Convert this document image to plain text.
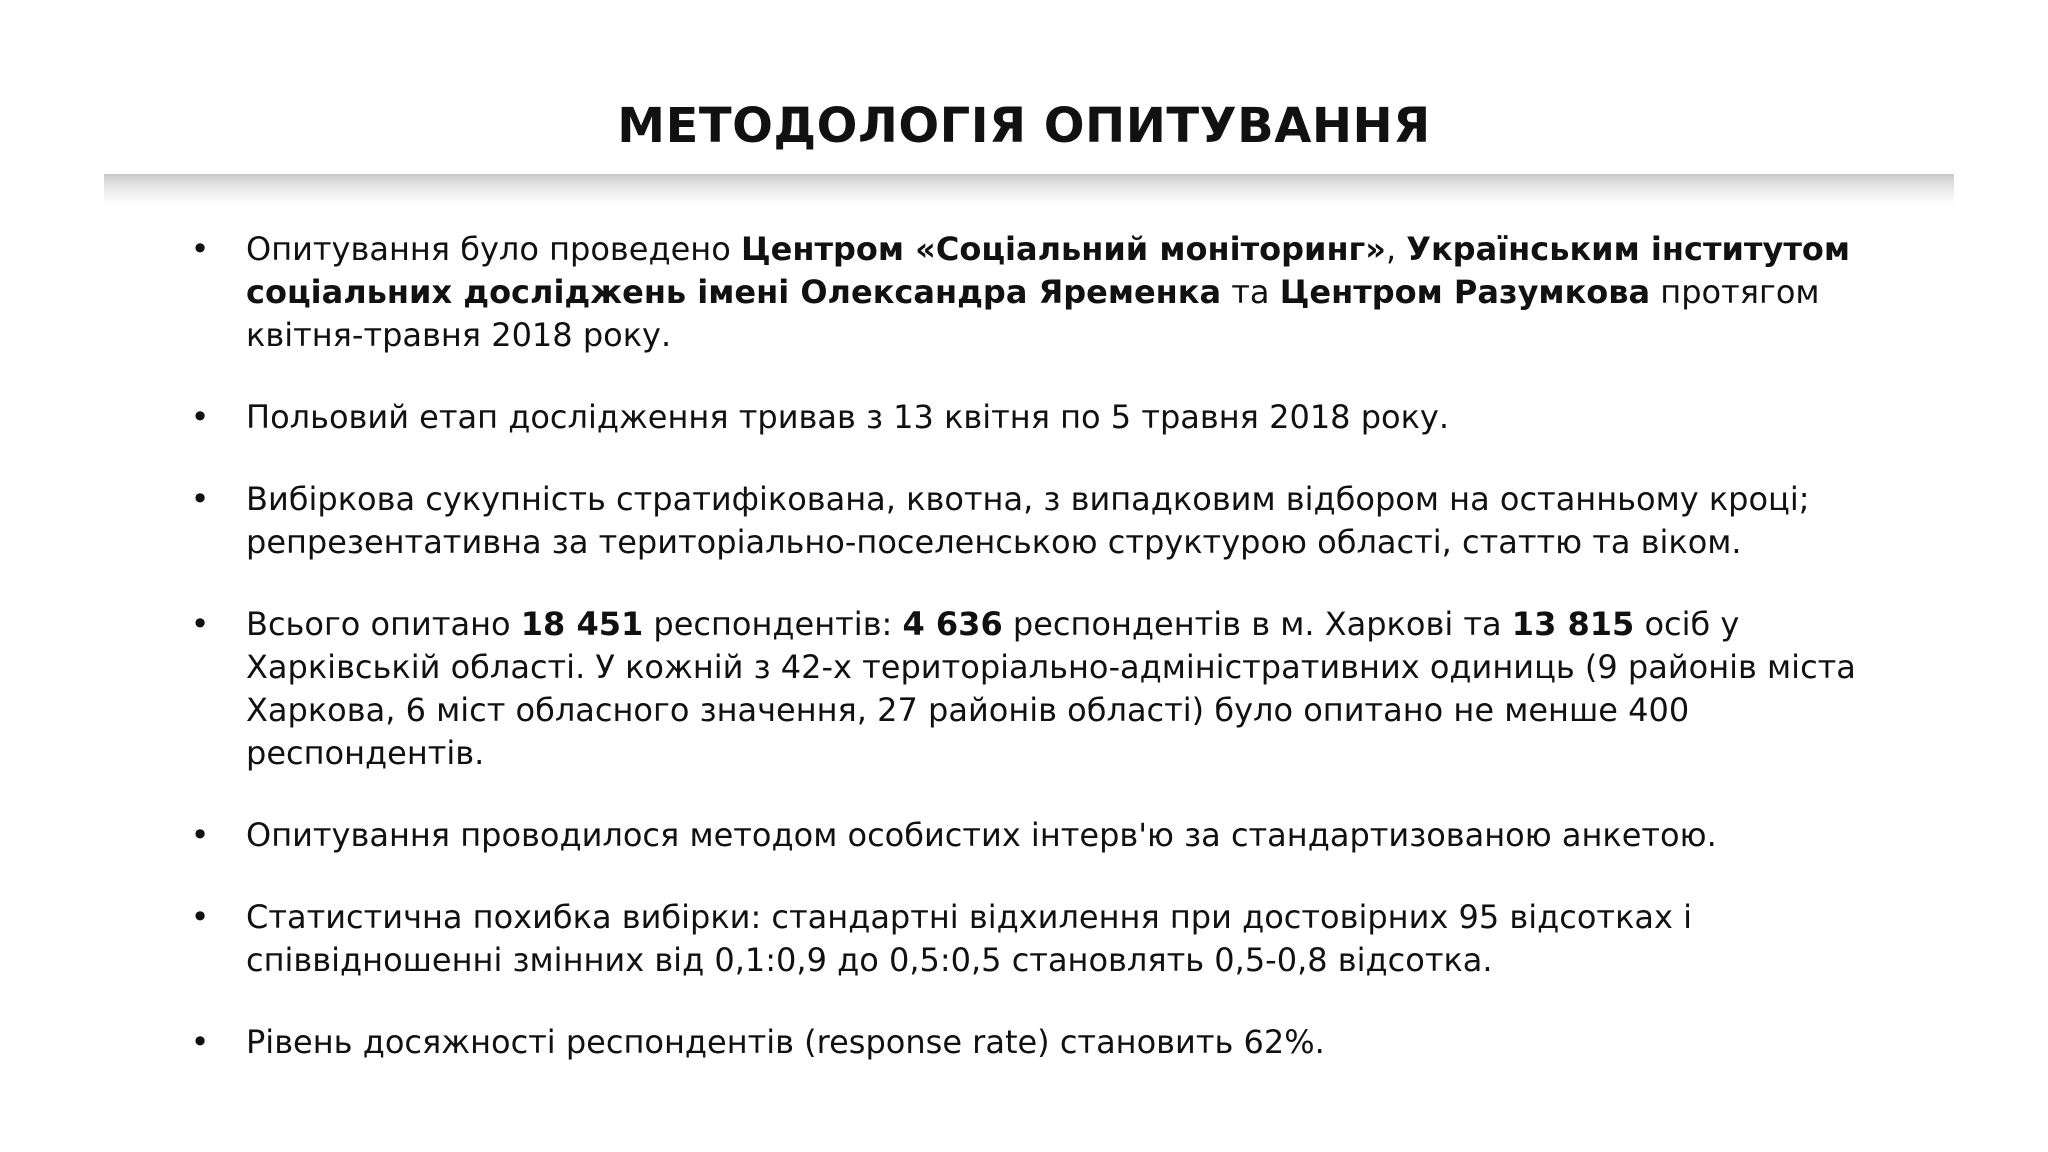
МЕТОДОЛОГІЯ ОПИТУВАННЯ
• Опитування було проведено Центром «Соціальний моніторинг», Українським інститутом соціальних досліджень імені Олександра Яременка та Центром Разумкова протягом квітня-травня 2018 року.
• Польовий етап дослідження тривав з 13 квітня по 5 травня 2018 року.
• Вибіркова сукупність стратифікована, квотна, з випадковим відбором на останньому кроці; репрезентативна за територіально-поселенською структурою області, статтю та віком.
• Всього опитано 18 451 респондентів: 4 636 респондентів в м. Харкові та 13 815 осіб у Харківській області. У кожній з 42-х територіально-адміністративних одиниць (9 районів міста Харкова, 6 міст обласного значення, 27 районів області) було опитано не менше 400 респондентів.
• Опитування проводилося методом особистих інтерв'ю за стандартизованою анкетою.
• Статистична похибка вибірки: стандартні відхилення при достовірних 95 відсотках і співвідношенні змінних від 0,1:0,9 до 0,5:0,5 становлять 0,5-0,8 відсотка.
• Рівень досяжності респондентів (response rate) становить 62%.
